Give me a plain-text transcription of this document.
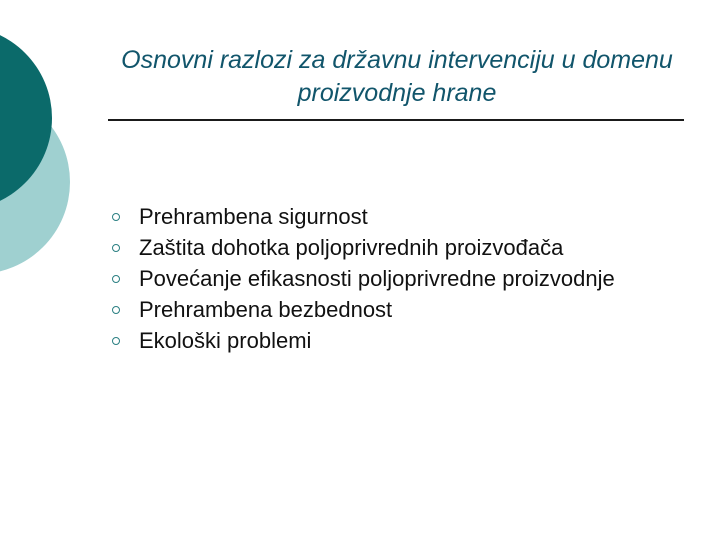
Osnovni razlozi za državnu intervenciju u domenu proizvodnje hrane
Prehrambena sigurnost
Zaštita dohotka poljoprivrednih proizvođača
Povećanje efikasnosti poljoprivredne proizvodnje
Prehrambena bezbednost
Ekološki problemi
